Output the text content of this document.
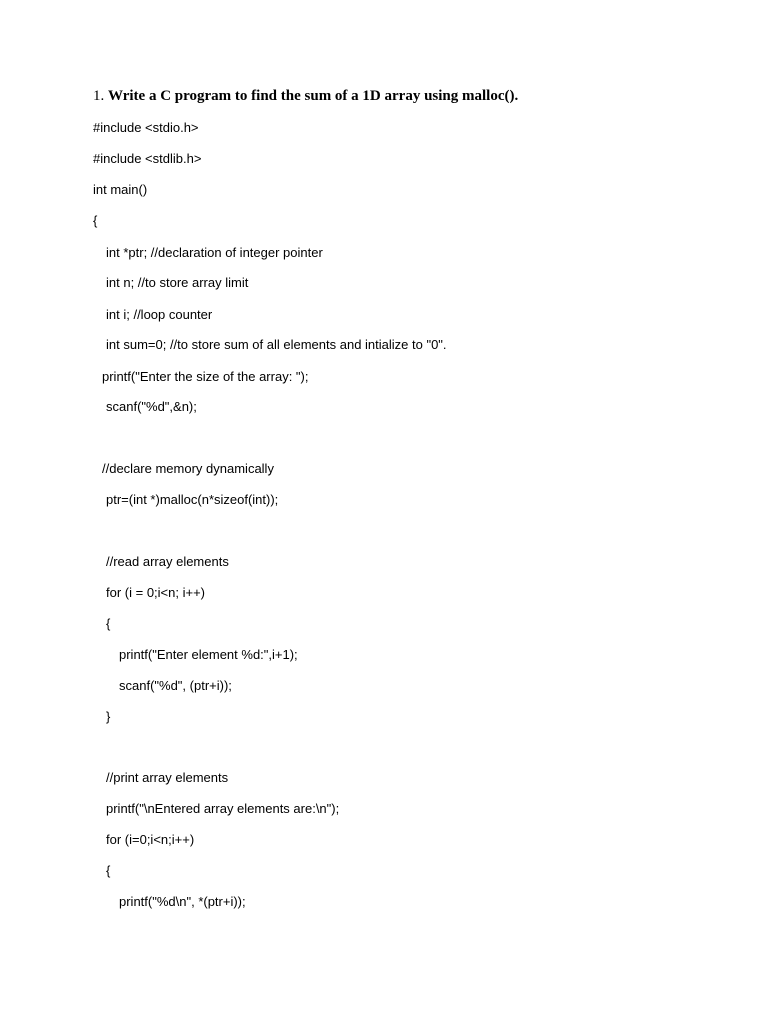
1. Write a C program to find the sum of a 1D array using malloc().
#include <stdio.h>
#include <stdlib.h>
int main()
{
int *ptr; //declaration of integer pointer
int n; //to store array limit
int i; //loop counter
int sum=0; //to store sum of all elements and intialize to "0".
printf("Enter the size of the array: ");
scanf("%d",&n);
//declare memory dynamically
ptr=(int *)malloc(n*sizeof(int));
//read array elements
for (i = 0;i<n; i++)
{
printf("Enter element %d:",i+1);
scanf("%d", (ptr+i));
}
//print array elements
printf("\nEntered array elements are:\n");
for (i=0;i<n;i++)
{
printf("%d\n", *(ptr+i));
